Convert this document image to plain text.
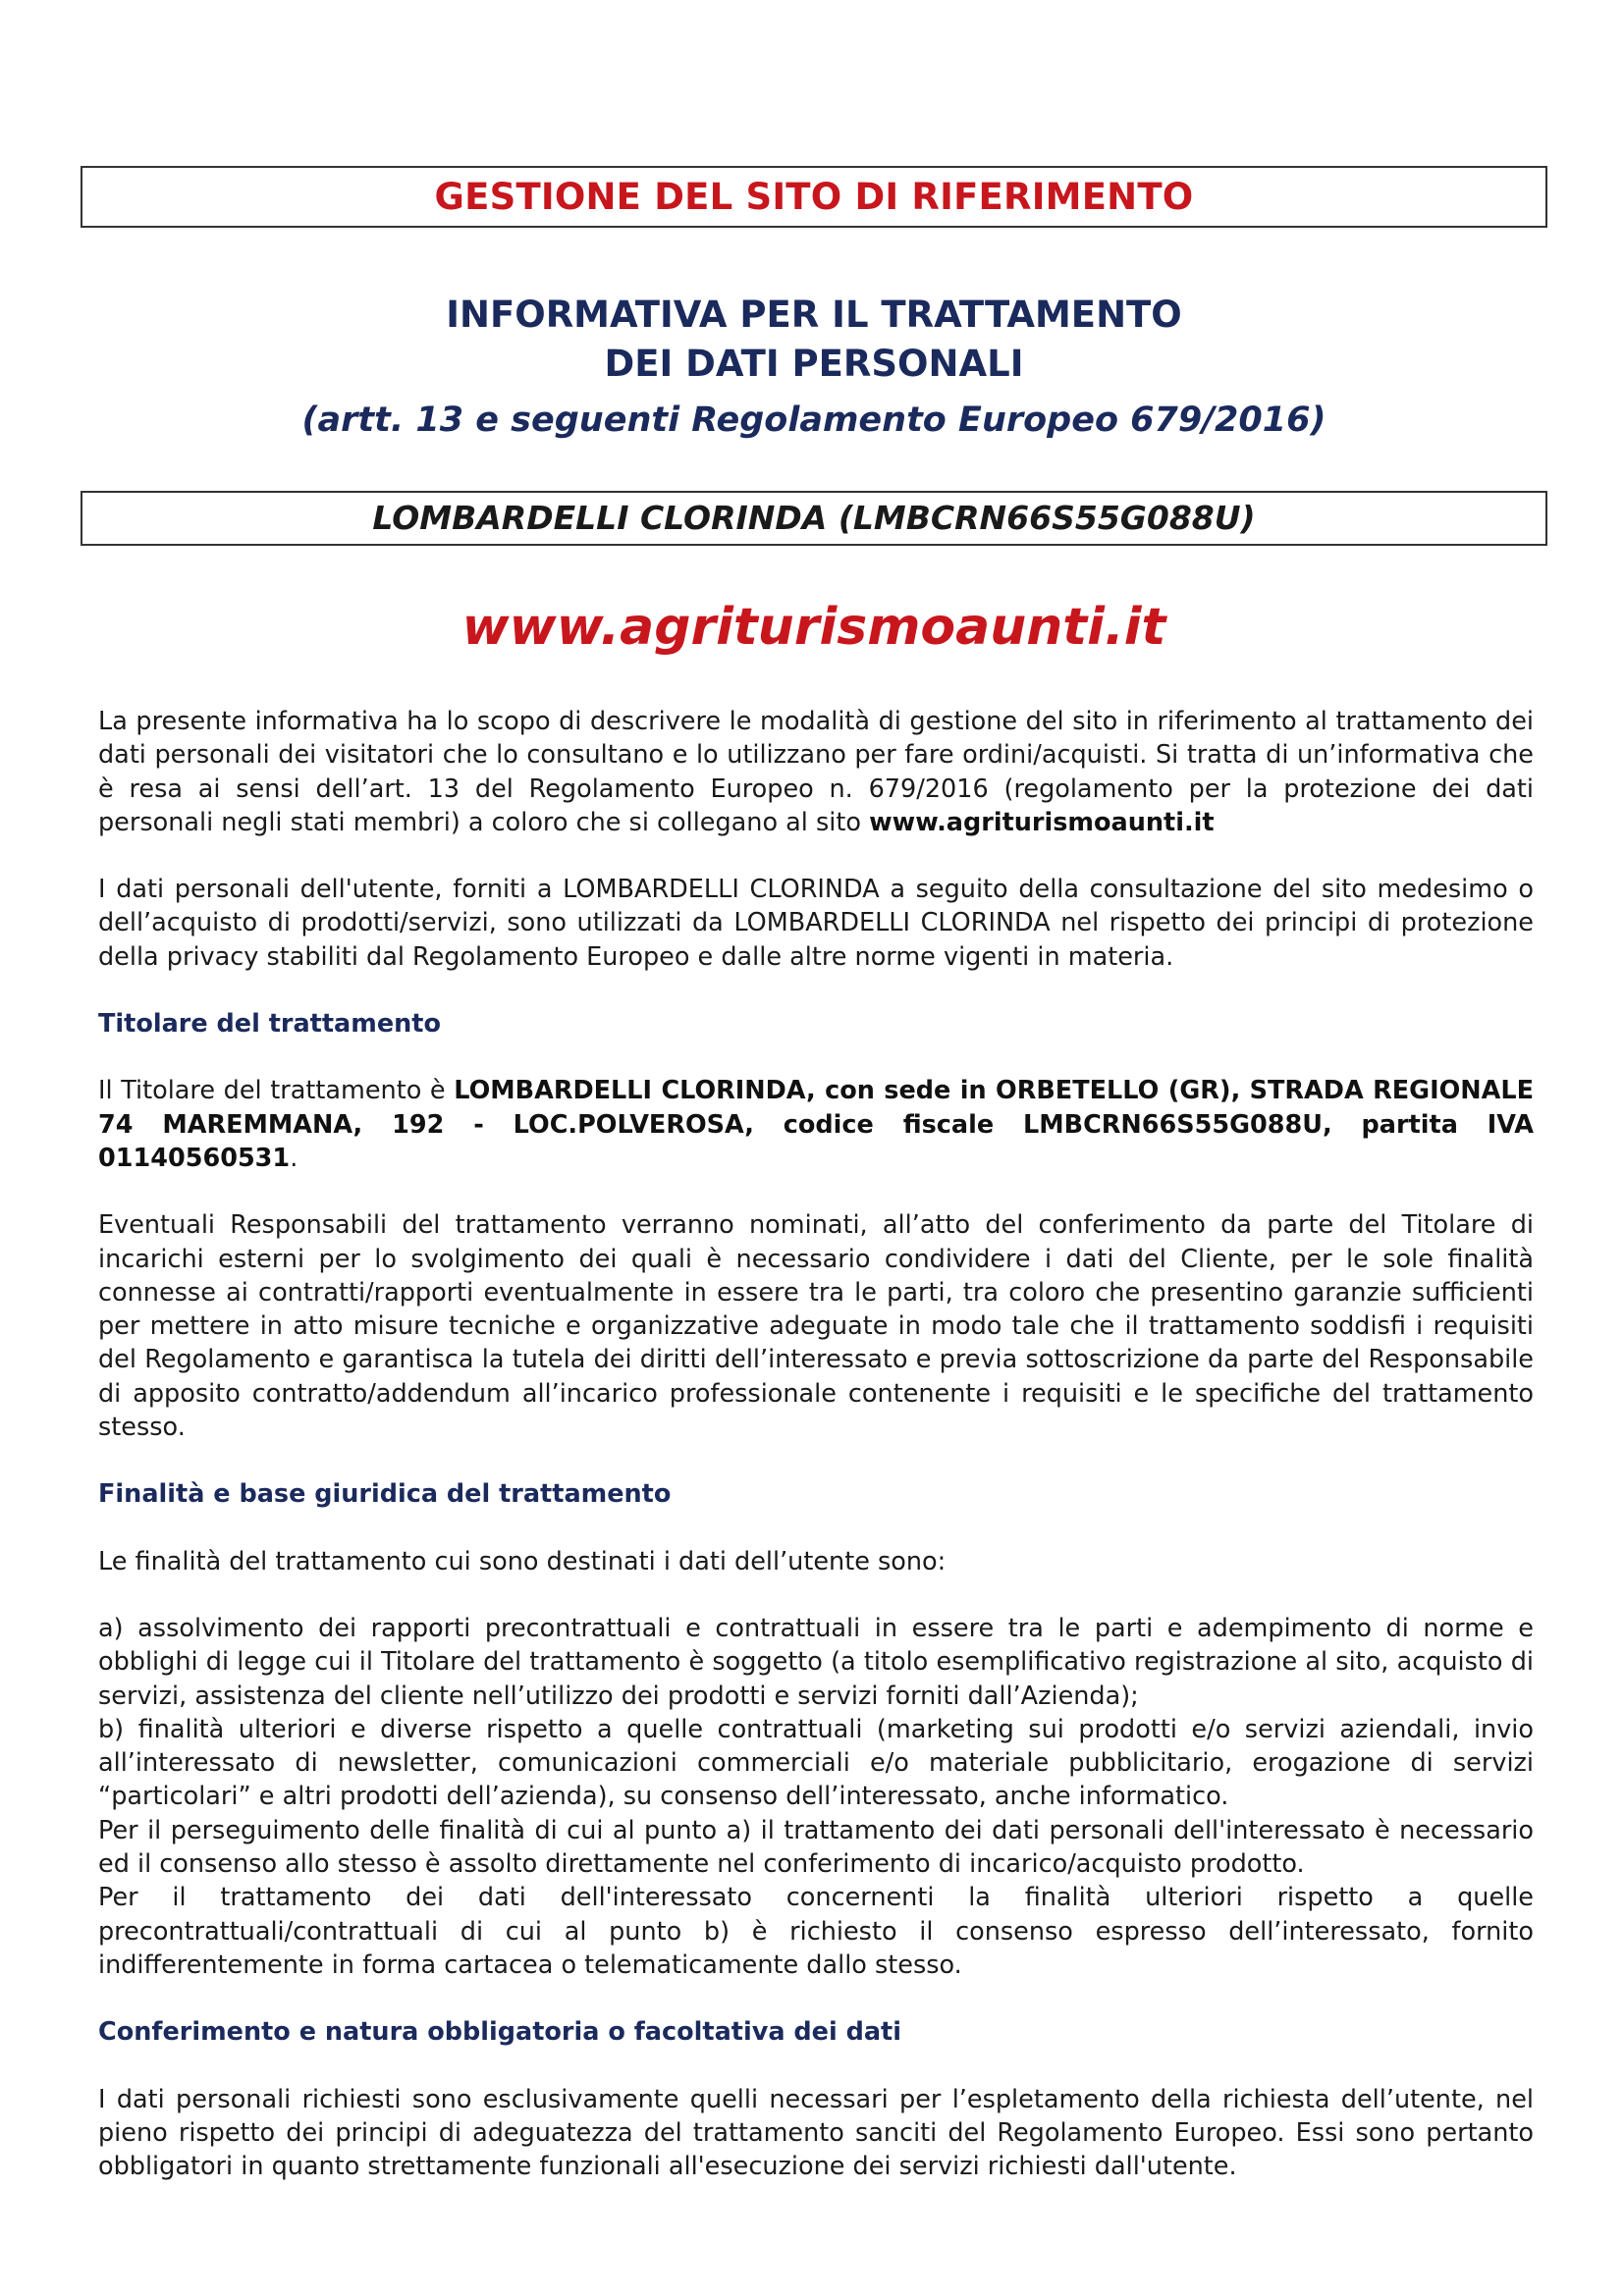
GESTIONE DEL SITO DI RIFERIMENTO
INFORMATIVA PER IL TRATTAMENTO
DEI DATI PERSONALI
(artt. 13 e seguenti Regolamento Europeo 679/2016)
LOMBARDELLI CLORINDA (LMBCRN66S55G088U)
www.agriturismoaunti.it

La presente informativa ha lo scopo di descrivere le modalità di gestione del sito in riferimento al trattamento dei dati personali dei visitatori che lo consultano e lo utilizzano per fare ordini/acquisti. Si tratta di un’informativa che è resa ai sensi dell’art. 13 del Regolamento Europeo n. 679/2016 (regolamento per la protezione dei dati personali negli stati membri) a coloro che si collegano al sito www.agriturismoaunti.it

I dati personali dell'utente, forniti a LOMBARDELLI CLORINDA a seguito della consultazione del sito medesimo o dell’acquisto di prodotti/servizi, sono utilizzati da LOMBARDELLI CLORINDA nel rispetto dei principi di protezione della privacy stabiliti dal Regolamento Europeo e dalle altre norme vigenti in materia.

Titolare del trattamento

Il Titolare del trattamento è LOMBARDELLI CLORINDA, con sede in ORBETELLO (GR), STRADA REGIONALE 74 MAREMMANA, 192 - LOC.POLVEROSA, codice fiscale LMBCRN66S55G088U, partita IVA 01140560531.

Eventuali Responsabili del trattamento verranno nominati, all’atto del conferimento da parte del Titolare di incarichi esterni per lo svolgimento dei quali è necessario condividere i dati del Cliente, per le sole finalità connesse ai contratti/rapporti eventualmente in essere tra le parti, tra coloro che presentino garanzie sufficienti per mettere in atto misure tecniche e organizzative adeguate in modo tale che il trattamento soddisfi i requisiti del Regolamento e garantisca la tutela dei diritti dell’interessato e previa sottoscrizione da parte del Responsabile di apposito contratto/addendum all’incarico professionale contenente i requisiti e le specifiche del trattamento stesso.

Finalità e base giuridica del trattamento

Le finalità del trattamento cui sono destinati i dati dell’utente sono:

a) assolvimento dei rapporti precontrattuali e contrattuali in essere tra le parti e adempimento di norme e obblighi di legge cui il Titolare del trattamento è soggetto (a titolo esemplificativo registrazione al sito, acquisto di servizi, assistenza del cliente nell’utilizzo dei prodotti e servizi forniti dall’Azienda);

b) finalità ulteriori e diverse rispetto a quelle contrattuali (marketing sui prodotti e/o servizi aziendali, invio all’interessato di newsletter, comunicazioni commerciali e/o materiale pubblicitario, erogazione di servizi “particolari” e altri prodotti dell’azienda), su consenso dell’interessato, anche informatico.

Per il perseguimento delle finalità di cui al punto a) il trattamento dei dati personali dell'interessato è necessario ed il consenso allo stesso è assolto direttamente nel conferimento di incarico/acquisto prodotto.

Per il trattamento dei dati dell'interessato concernenti la finalità ulteriori rispetto a quelle precontrattuali/contrattuali di cui al punto b) è richiesto il consenso espresso dell’interessato, fornito indifferentemente in forma cartacea o telematicamente dallo stesso.

Conferimento e natura obbligatoria o facoltativa dei dati

I dati personali richiesti sono esclusivamente quelli necessari per l’espletamento della richiesta dell’utente, nel pieno rispetto dei principi di adeguatezza del trattamento sanciti del Regolamento Europeo. Essi sono pertanto obbligatori in quanto strettamente funzionali all'esecuzione dei servizi richiesti dall'utente.
